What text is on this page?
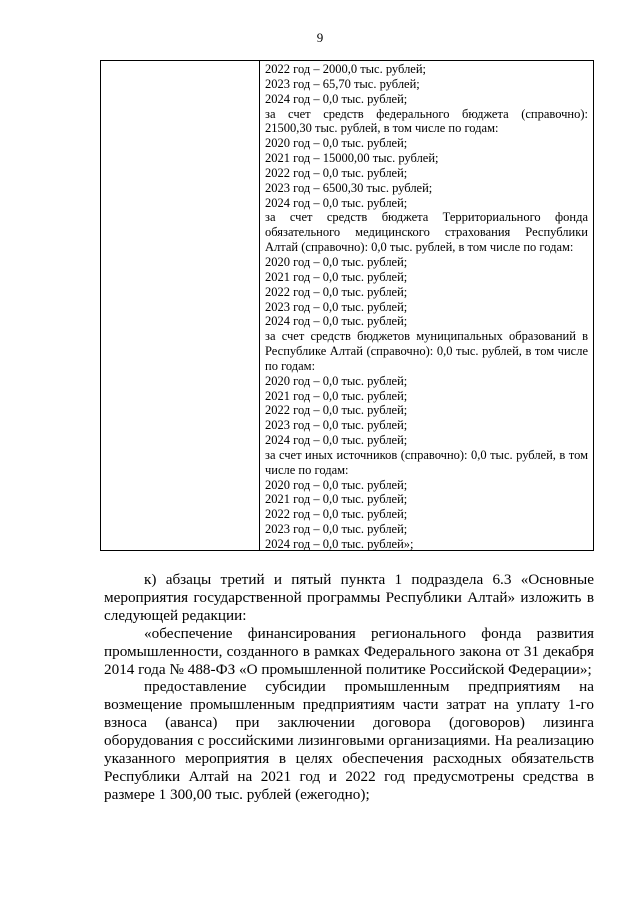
9
2022 год – 2000,0 тыс. рублей;
2023 год – 65,70 тыс. рублей;
2024 год – 0,0 тыс. рублей;
за счет средств федерального бюджета (справочно): 21500,30 тыс. рублей, в том числе по годам:
2020 год – 0,0 тыс. рублей;
2021 год – 15000,00 тыс. рублей;
2022 год – 0,0 тыс. рублей;
2023 год – 6500,30 тыс. рублей;
2024 год – 0,0 тыс. рублей;
за счет средств бюджета Территориального фонда обязательного медицинского страхования Республики Алтай (справочно): 0,0 тыс. рублей, в том числе по годам:
2020 год – 0,0 тыс. рублей;
2021 год – 0,0 тыс. рублей;
2022 год – 0,0 тыс. рублей;
2023 год – 0,0 тыс. рублей;
2024 год – 0,0 тыс. рублей;
за счет средств бюджетов муниципальных образований в Республике Алтай (справочно): 0,0 тыс. рублей, в том числе по годам:
2020 год – 0,0 тыс. рублей;
2021 год – 0,0 тыс. рублей;
2022 год – 0,0 тыс. рублей;
2023 год – 0,0 тыс. рублей;
2024 год – 0,0 тыс. рублей;
за счет иных источников (справочно): 0,0 тыс. рублей, в том числе по годам:
2020 год – 0,0 тыс. рублей;
2021 год – 0,0 тыс. рублей;
2022 год – 0,0 тыс. рублей;
2023 год – 0,0 тыс. рублей;
2024 год – 0,0 тыс. рублей»;

к) абзацы третий и пятый пункта 1 подраздела 6.3 «Основные мероприятия государственной программы Республики Алтай» изложить в следующей редакции:

«обеспечение финансирования регионального фонда развития промышленности, созданного в рамках Федерального закона от 31 декабря 2014 года № 488-ФЗ «О промышленной политике Российской Федерации»;

предоставление субсидии промышленным предприятиям на возмещение промышленным предприятиям части затрат на уплату 1-го взноса (аванса) при заключении договора (договоров) лизинга оборудования с российскими лизинговыми организациями. На реализацию указанного мероприятия в целях обеспечения расходных обязательств Республики Алтай на 2021 год и 2022 год предусмотрены средства в размере 1 300,00 тыс. рублей (ежегодно);
